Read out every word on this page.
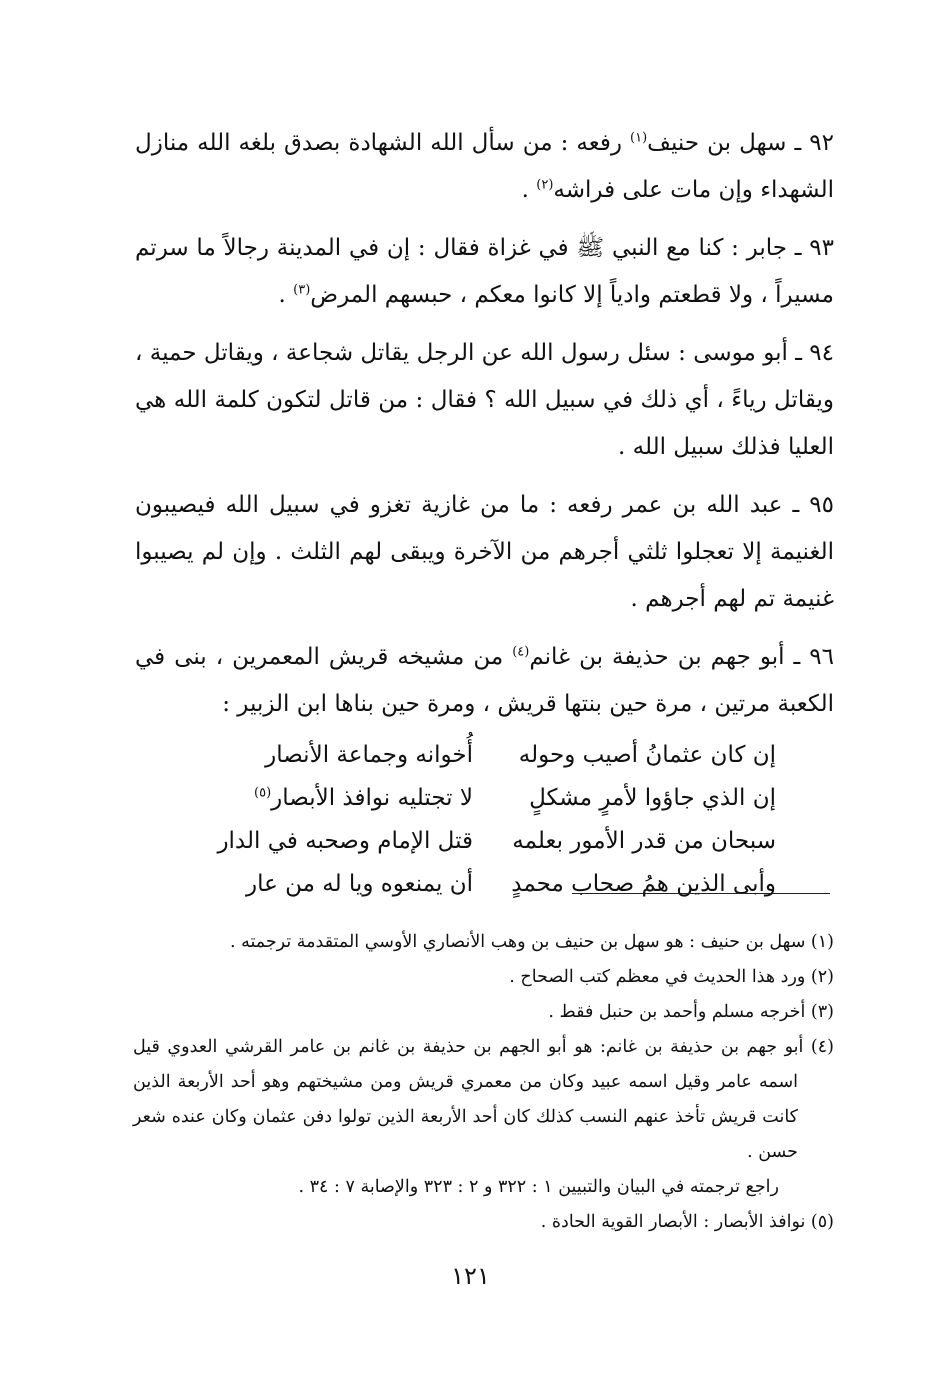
٩٢ ـ سهل بن حنيف$^{(١)}$ رفعه : من سأل الله الشهادة بصدق بلغه الله منازل الشهداء وإن مات على فراشه$^{(٢)}$ .

٩٣ ـ جابر : كنا مع النبي ﷺ في غزاة فقال : إن في المدينة رجالاً ما سرتم مسيراً ، ولا قطعتم وادياً إلا كانوا معكم ، حبسهم المرض$^{(٣)}$ .

٩٤ ـ أبو موسى : سئل رسول الله عن الرجل يقاتل شجاعة ، ويقاتل حمية ، ويقاتل رياءً ، أي ذلك في سبيل الله ؟ فقال : من قاتل لتكون كلمة الله هي العليا فذلك سبيل الله .

٩٥ ـ عبد الله بن عمر رفعه : ما من غازية تغزو في سبيل الله فيصيبون الغنيمة إلا تعجلوا ثلثي أجرهم من الآخرة ويبقى لهم الثلث . وإن لم يصيبوا غنيمة تم لهم أجرهم .

٩٦ ـ أبو جهم بن حذيفة بن غانم$^{(٤)}$ من مشيخه قريش المعمرين ، بنى في الكعبة مرتين ، مرة حين بنتها قريش ، ومرة حين بناها ابن الزبير :

إن كان عثمانُ أصيب وحوله
أُخوانه وجماعة الأنصار
إن الذي جاؤوا لأمرٍ مشكلٍ
لا تجتليه نوافذ الأبصار$^{(٥)}$
سبحان من قدر الأمور بعلمه
قتل الإمام وصحبه في الدار
وأبى الذين همُ صحاب محمدٍ
أن يمنعوه ويا له من عار

(١) سهل بن حنيف : هو سهل بن حنيف بن وهب الأنصاري الأوسي المتقدمة ترجمته .

(٢) ورد هذا الحديث في معظم كتب الصحاح .

(٣) أخرجه مسلم وأحمد بن حنبل فقط .

(٤) أبو جهم بن حذيفة بن غانم: هو أبو الجهم بن حذيفة بن غانم بن عامر القرشي العدوي قيل اسمه عامر وقيل اسمه عبيد وكان من معمري قريش ومن مشيختهم وهو أحد الأربعة الذين كانت قريش تأخذ عنهم النسب كذلك كان أحد الأربعة الذين تولوا دفن عثمان وكان عنده شعر حسن .

راجع ترجمته في البيان والتبيين ١ : ٣٢٢ و ٢ : ٣٢٣ والإصابة ٧ : ٣٤ .

(٥) نوافذ الأبصار : الأبصار القوية الحادة .

١٢١
